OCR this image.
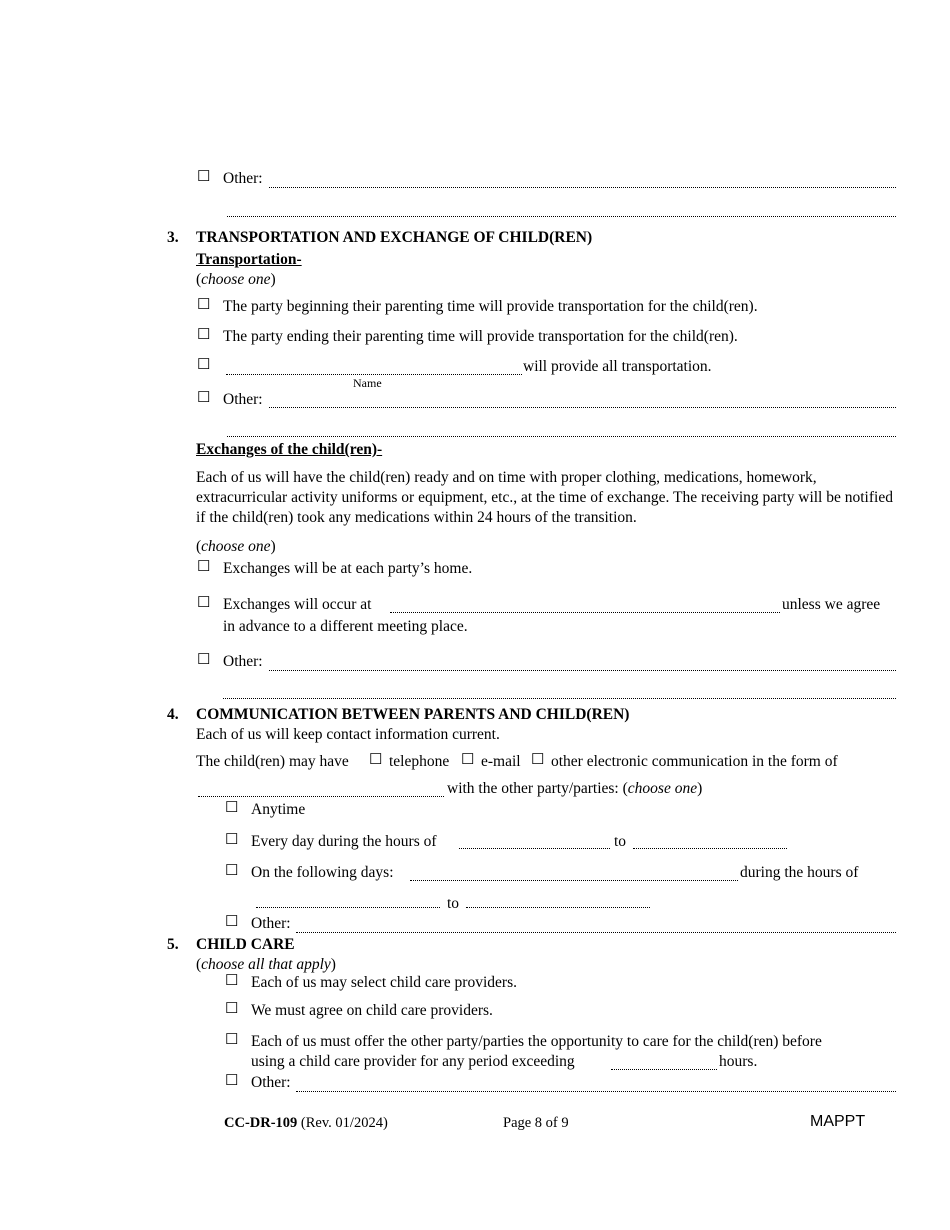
☐ Other:
3. TRANSPORTATION AND EXCHANGE OF CHILD(REN)
Transportation-
(choose one)
☐ The party beginning their parenting time will provide transportation for the child(ren).
☐ The party ending their parenting time will provide transportation for the child(ren).
☐	will provide all transportation.
Name
☐ Other:
Exchanges of the child(ren)-
Each of us will have the child(ren) ready and on time with proper clothing, medications, homework, extracurricular activity uniforms or equipment, etc., at the time of exchange. The receiving party will be notified if the child(ren) took any medications within 24 hours of the transition.
(choose one)
☐ Exchanges will be at each party’s home.
☐ Exchanges will occur at	unless we agree
in advance to a different meeting place.
☐ Other:
4. COMMUNICATION BETWEEN PARENTS AND CHILD(REN)
Each of us will keep contact information current.
The child(ren) may have ☐ telephone ☐ e-mail ☐ other electronic communication in the form of
with the other party/parties: (choose one)
☐ Anytime
☐ Every day during the hours of	to
☐ On the following days:	during the hours of
to
☐ Other:
5. CHILD CARE
(choose all that apply)
☐ Each of us may select child care providers.
☐ We must agree on child care providers.
☐ Each of us must offer the other party/parties the opportunity to care for the child(ren) before
using a child care provider for any period exceeding	hours.
☐ Other:
CC-DR-109 (Rev. 01/2024)	Page 8 of 9	MAPPT
